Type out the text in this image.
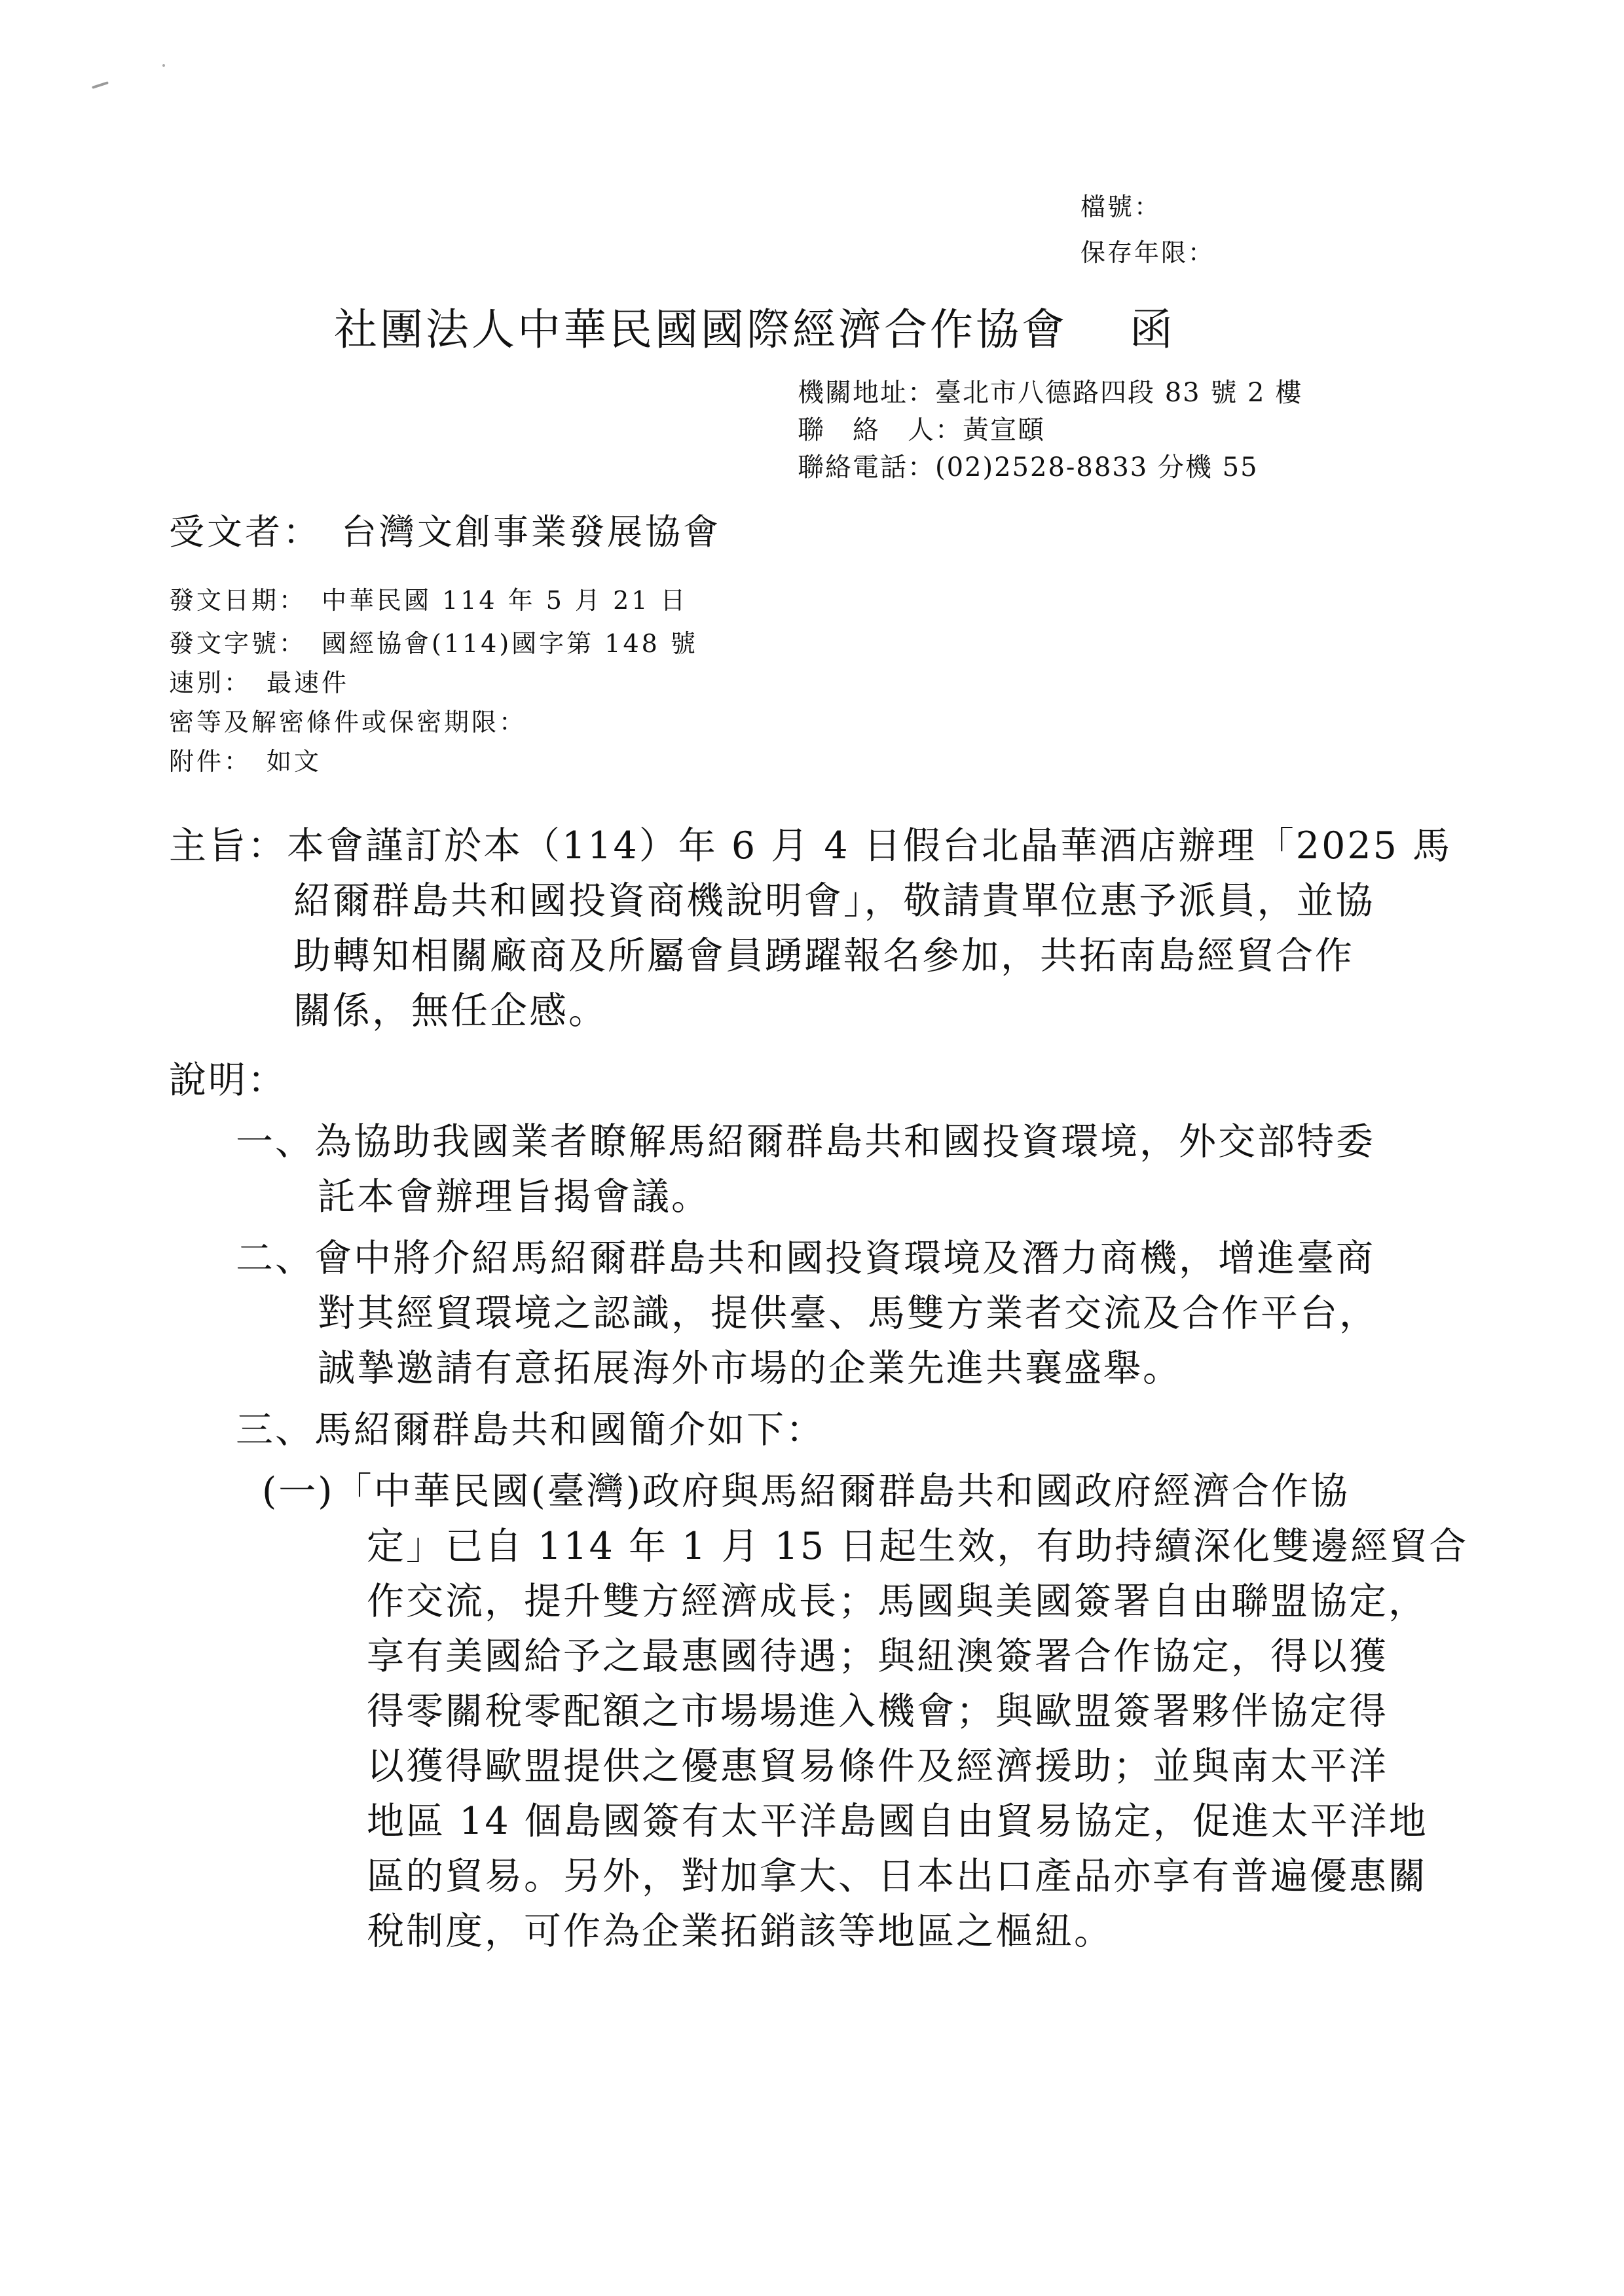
檔號：
保存年限：
社團法人中華民國國際經濟合作協會　 函
機關地址：臺北市八德路四段 83 號 2 樓
聯　絡　人：黃宣頤
聯絡電話：(02)2528-8833 分機 55
受文者：　台灣文創事業發展協會
發文日期：　中華民國 114 年 5 月 21 日
發文字號：　國經協會(114)國字第 148 號
速別：　最速件
密等及解密條件或保密期限：
附件：　如文
主旨：本會謹訂於本（114）年 6 月 4 日假台北晶華酒店辦理「2025 馬
紹爾群島共和國投資商機說明會」，敬請貴單位惠予派員，並協
助轉知相關廠商及所屬會員踴躍報名參加，共拓南島經貿合作
關係，無任企感。
說明：
一、為協助我國業者瞭解馬紹爾群島共和國投資環境，外交部特委
託本會辦理旨揭會議。
二、會中將介紹馬紹爾群島共和國投資環境及潛力商機，增進臺商
對其經貿環境之認識，提供臺、馬雙方業者交流及合作平台，
誠摯邀請有意拓展海外市場的企業先進共襄盛舉。
三、馬紹爾群島共和國簡介如下：
(一)「中華民國(臺灣)政府與馬紹爾群島共和國政府經濟合作協
定」已自 114 年 1 月 15 日起生效，有助持續深化雙邊經貿合
作交流，提升雙方經濟成長；馬國與美國簽署自由聯盟協定，
享有美國給予之最惠國待遇；與紐澳簽署合作協定，得以獲
得零關稅零配額之市場場進入機會；與歐盟簽署夥伴協定得
以獲得歐盟提供之優惠貿易條件及經濟援助；並與南太平洋
地區 14 個島國簽有太平洋島國自由貿易協定，促進太平洋地
區的貿易。另外，對加拿大、日本出口產品亦享有普遍優惠關
稅制度，可作為企業拓銷該等地區之樞紐。
